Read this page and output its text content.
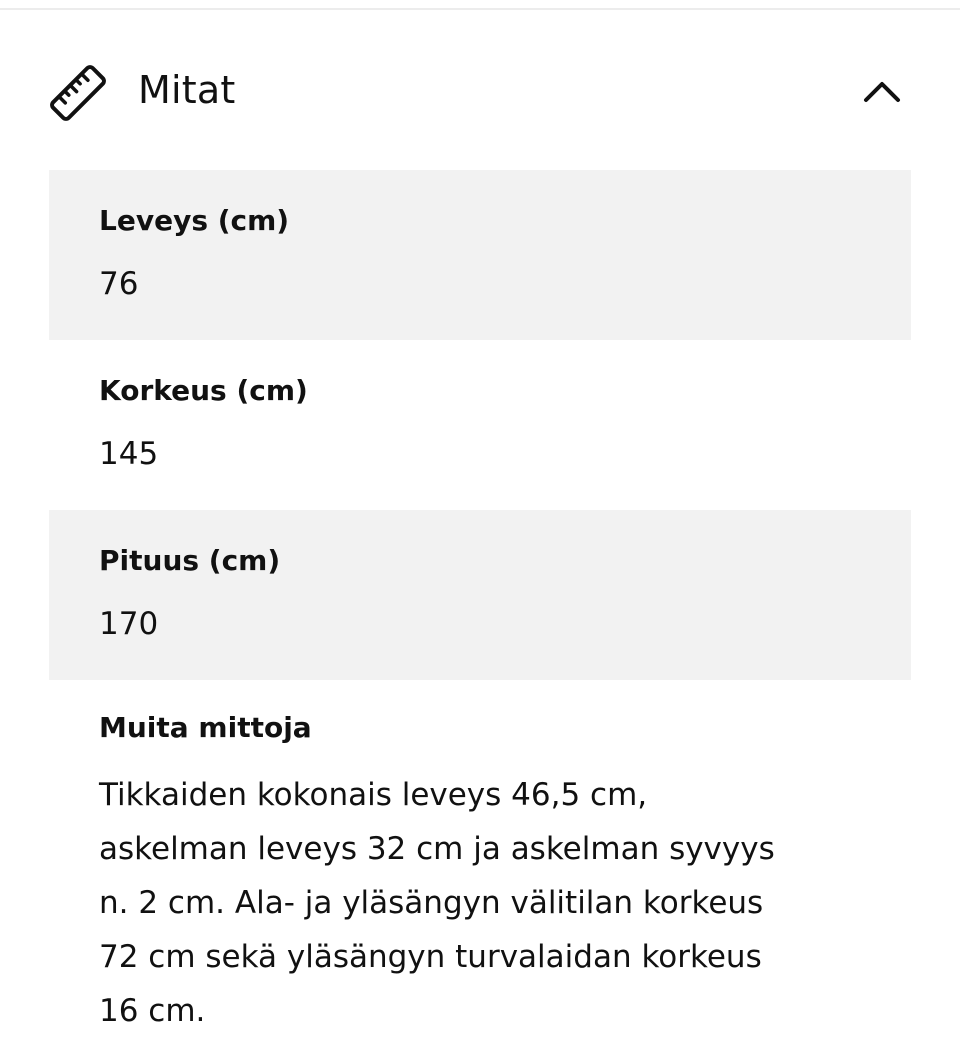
Mitat
Leveys (cm)
76
Korkeus (cm)
145
Pituus (cm)
170
Muita mittoja
Tikkaiden kokonais leveys 46,5 cm,
askelman leveys 32 cm ja askelman syvyys
n. 2 cm. Ala- ja yläsängyn välitilan korkeus
72 cm sekä yläsängyn turvalaidan korkeus
16 cm.
